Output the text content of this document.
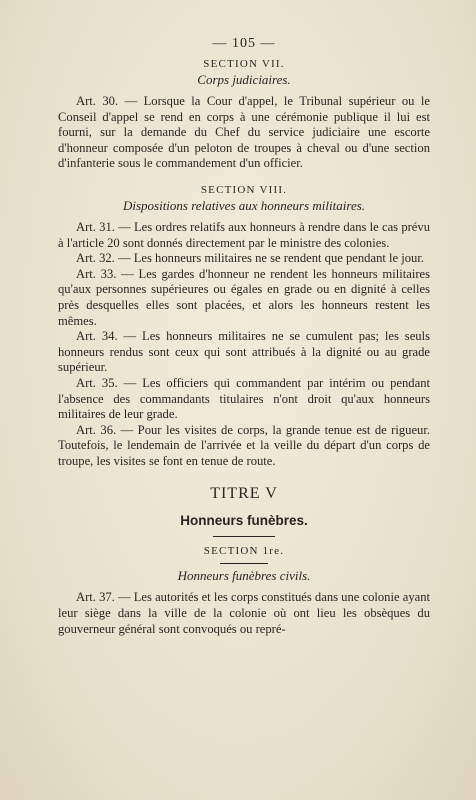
— 105 —
SECTION VII.
Corps judiciaires.

Art. 30. — Lorsque la Cour d'appel, le Tribunal supérieur ou le Conseil d'appel se rend en corps à une cérémonie publique il lui est fourni, sur la demande du Chef du service judiciaire une escorte d'honneur composée d'un peloton de troupes à cheval ou d'une section d'infanterie sous le commandement d'un officier.

SECTION VIII.
Dispositions relatives aux honneurs militaires.

Art. 31. — Les ordres relatifs aux honneurs à rendre dans le cas prévu à l'article 20 sont donnés directement par le ministre des colonies.

Art. 32. — Les honneurs militaires ne se rendent que pendant le jour.

Art. 33. — Les gardes d'honneur ne rendent les honneurs militaires qu'aux personnes supérieures ou égales en grade ou en dignité à celles près desquelles elles sont placées, et alors les honneurs restent les mêmes.

Art. 34. — Les honneurs militaires ne se cumulent pas; les seuls honneurs rendus sont ceux qui sont attribués à la dignité ou au grade supérieur.

Art. 35. — Les officiers qui commandent par intérim ou pendant l'absence des commandants titulaires n'ont droit qu'aux honneurs militaires de leur grade.

Art. 36. — Pour les visites de corps, la grande tenue est de rigueur. Toutefois, le lendemain de l'arrivée et la veille du départ d'un corps de troupe, les visites se font en tenue de route.

TITRE V
Honneurs funèbres.
SECTION 1re.
Honneurs funèbres civils.

Art. 37. — Les autorités et les corps constitués dans une colonie ayant leur siège dans la ville de la colonie où ont lieu les obsèques du gouverneur général sont convoqués ou repré-
